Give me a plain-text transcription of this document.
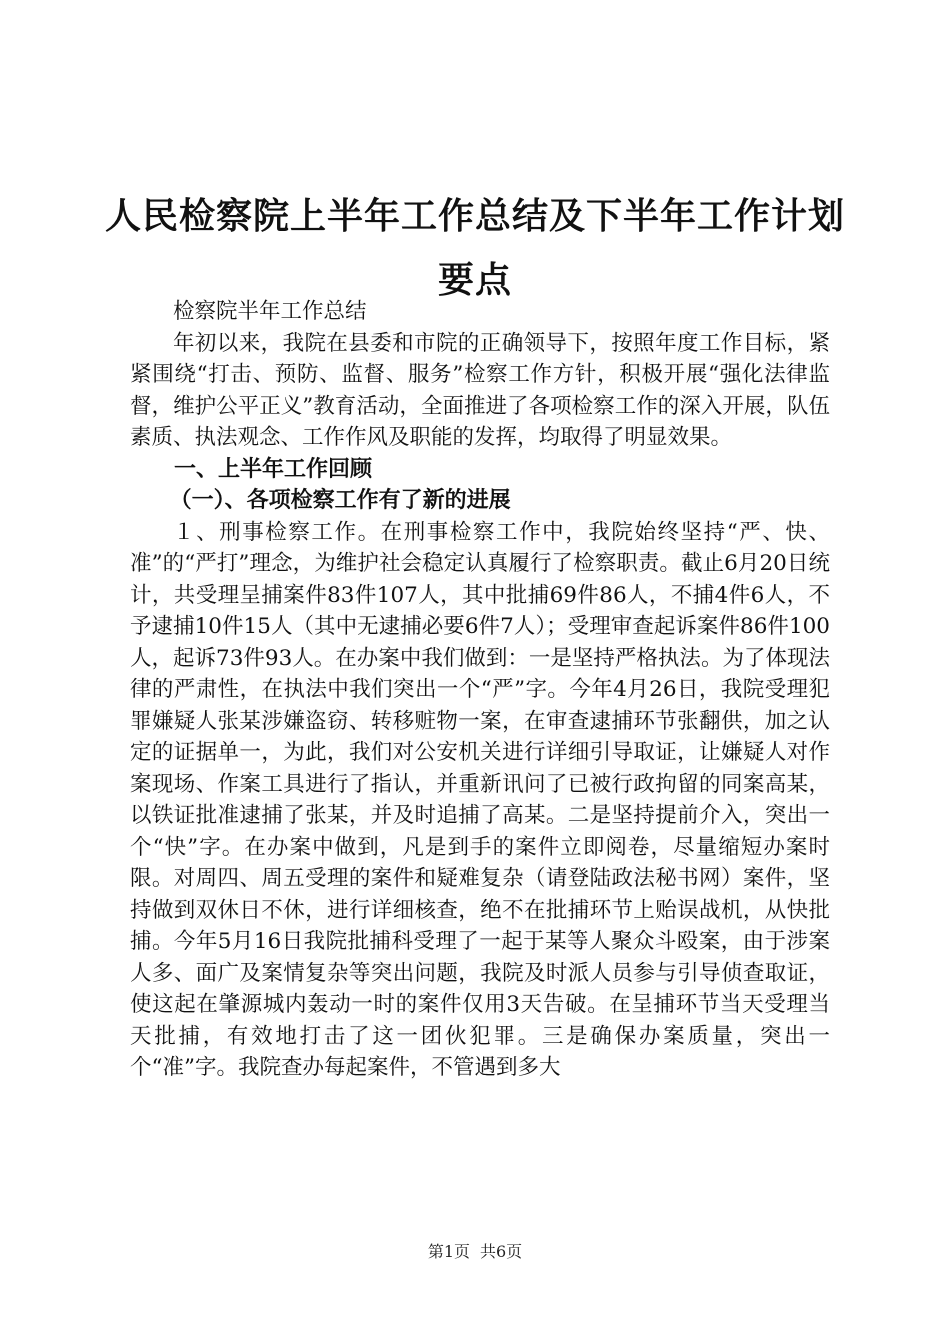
人民检察院上半年工作总结及下半年工作计划要点

检察院半年工作总结

年初以来，我院在县委和市院的正确领导下，按照年度工作目标，紧紧围绕“打击、预防、监督、服务”检察工作方针，积极开展“强化法律监督，维护公平正义”教育活动，全面推进了各项检察工作的深入开展，队伍素质、执法观念、工作作风及职能的发挥，均取得了明显效果。

一、上半年工作回顾

（一）、各项检察工作有了新的进展

１、刑事检察工作。在刑事检察工作中，我院始终坚持“严、快、准”的“严打”理念，为维护社会稳定认真履行了检察职责。截止6月20日统计，共受理呈捕案件83件107人，其中批捕69件86人，不捕4件6人，不予逮捕10件15人（其中无逮捕必要6件7人）；受理审查起诉案件86件100人，起诉73件93人。在办案中我们做到：一是坚持严格执法。为了体现法律的严肃性，在执法中我们突出一个“严”字。今年4月26日，我院受理犯罪嫌疑人张某涉嫌盗窃、转移赃物一案，在审查逮捕环节张翻供，加之认定的证据单一，为此，我们对公安机关进行详细引导取证，让嫌疑人对作案现场、作案工具进行了指认，并重新讯问了已被行政拘留的同案高某，以铁证批准逮捕了张某，并及时追捕了高某。二是坚持提前介入，突出一个“快”字。在办案中做到，凡是到手的案件立即阅卷，尽量缩短办案时限。对周四、周五受理的案件和疑难复杂（请登陆政法秘书网）案件，坚持做到双休日不休，进行详细核查，绝不在批捕环节上贻误战机，从快批捕。今年5月16日我院批捕科受理了一起于某等人聚众斗殴案，由于涉案人多、面广及案情复杂等突出问题，我院及时派人员参与引导侦查取证，使这起在肇源城内轰动一时的案件仅用3天告破。在呈捕环节当天受理当天批捕，有效地打击了这一团伙犯罪。三是确保办案质量，突出一个“准”字。我院查办每起案件，不管遇到多大

第1页 共6页
